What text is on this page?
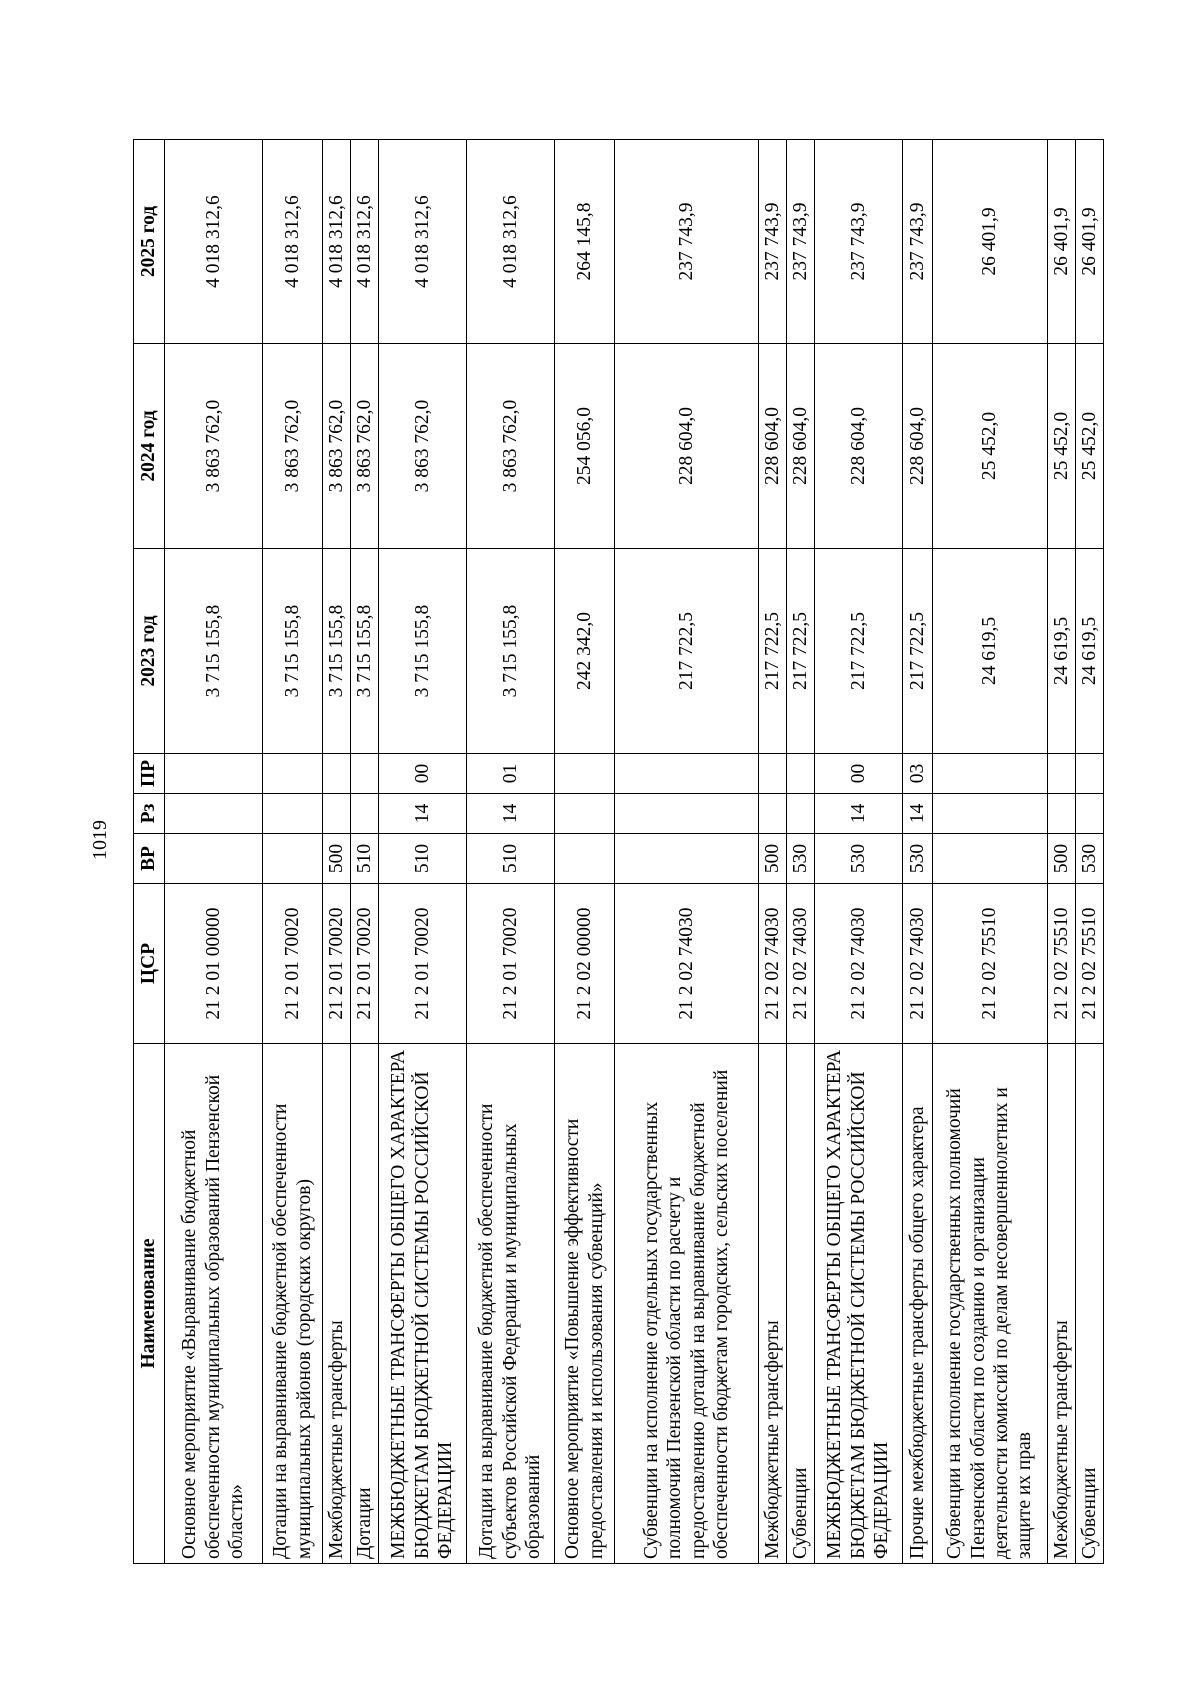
1019
Наименование	ЦСР	ВР	Рз	ПР	2023 год	2024 год	2025 год
Основное мероприятие «Выравнивание бюджетной обеспеченности муниципальных образований Пензенской области»	21 2 01 00000				3 715 155,8	3 863 762,0	4 018 312,6
Дотации на выравнивание бюджетной обеспеченности муниципальных районов (городских округов)	21 2 01 70020				3 715 155,8	3 863 762,0	4 018 312,6
Межбюджетные трансферты	21 2 01 70020	500			3 715 155,8	3 863 762,0	4 018 312,6
Дотации	21 2 01 70020	510			3 715 155,8	3 863 762,0	4 018 312,6
МЕЖБЮДЖЕТНЫЕ ТРАНСФЕРТЫ ОБЩЕГО ХАРАКТЕРА БЮДЖЕТАМ БЮДЖЕТНОЙ СИСТЕМЫ РОССИЙСКОЙ ФЕДЕРАЦИИ	21 2 01 70020	510	14	00	3 715 155,8	3 863 762,0	4 018 312,6
Дотации на выравнивание бюджетной обеспеченности субъектов Российской Федерации и муниципальных образований	21 2 01 70020	510	14	01	3 715 155,8	3 863 762,0	4 018 312,6
Основное мероприятие «Повышение эффективности предоставления и использования субвенций»	21 2 02 00000				242 342,0	254 056,0	264 145,8
Субвенции на исполнение отдельных государственных полномочий Пензенской области по расчету и предоставлению дотаций на выравнивание бюджетной обеспеченности бюджетам городских, сельских поселений	21 2 02 74030				217 722,5	228 604,0	237 743,9
Межбюджетные трансферты	21 2 02 74030	500			217 722,5	228 604,0	237 743,9
Субвенции	21 2 02 74030	530			217 722,5	228 604,0	237 743,9
МЕЖБЮДЖЕТНЫЕ ТРАНСФЕРТЫ ОБЩЕГО ХАРАКТЕРА БЮДЖЕТАМ БЮДЖЕТНОЙ СИСТЕМЫ РОССИЙСКОЙ ФЕДЕРАЦИИ	21 2 02 74030	530	14	00	217 722,5	228 604,0	237 743,9
Прочие межбюджетные трансферты общего характера	21 2 02 74030	530	14	03	217 722,5	228 604,0	237 743,9
Субвенции на исполнение государственных полномочий Пензенской области по созданию и организации деятельности комиссий по делам несовершеннолетних и защите их прав	21 2 02 75510				24 619,5	25 452,0	26 401,9
Межбюджетные трансферты	21 2 02 75510	500			24 619,5	25 452,0	26 401,9
Субвенции	21 2 02 75510	530			24 619,5	25 452,0	26 401,9
